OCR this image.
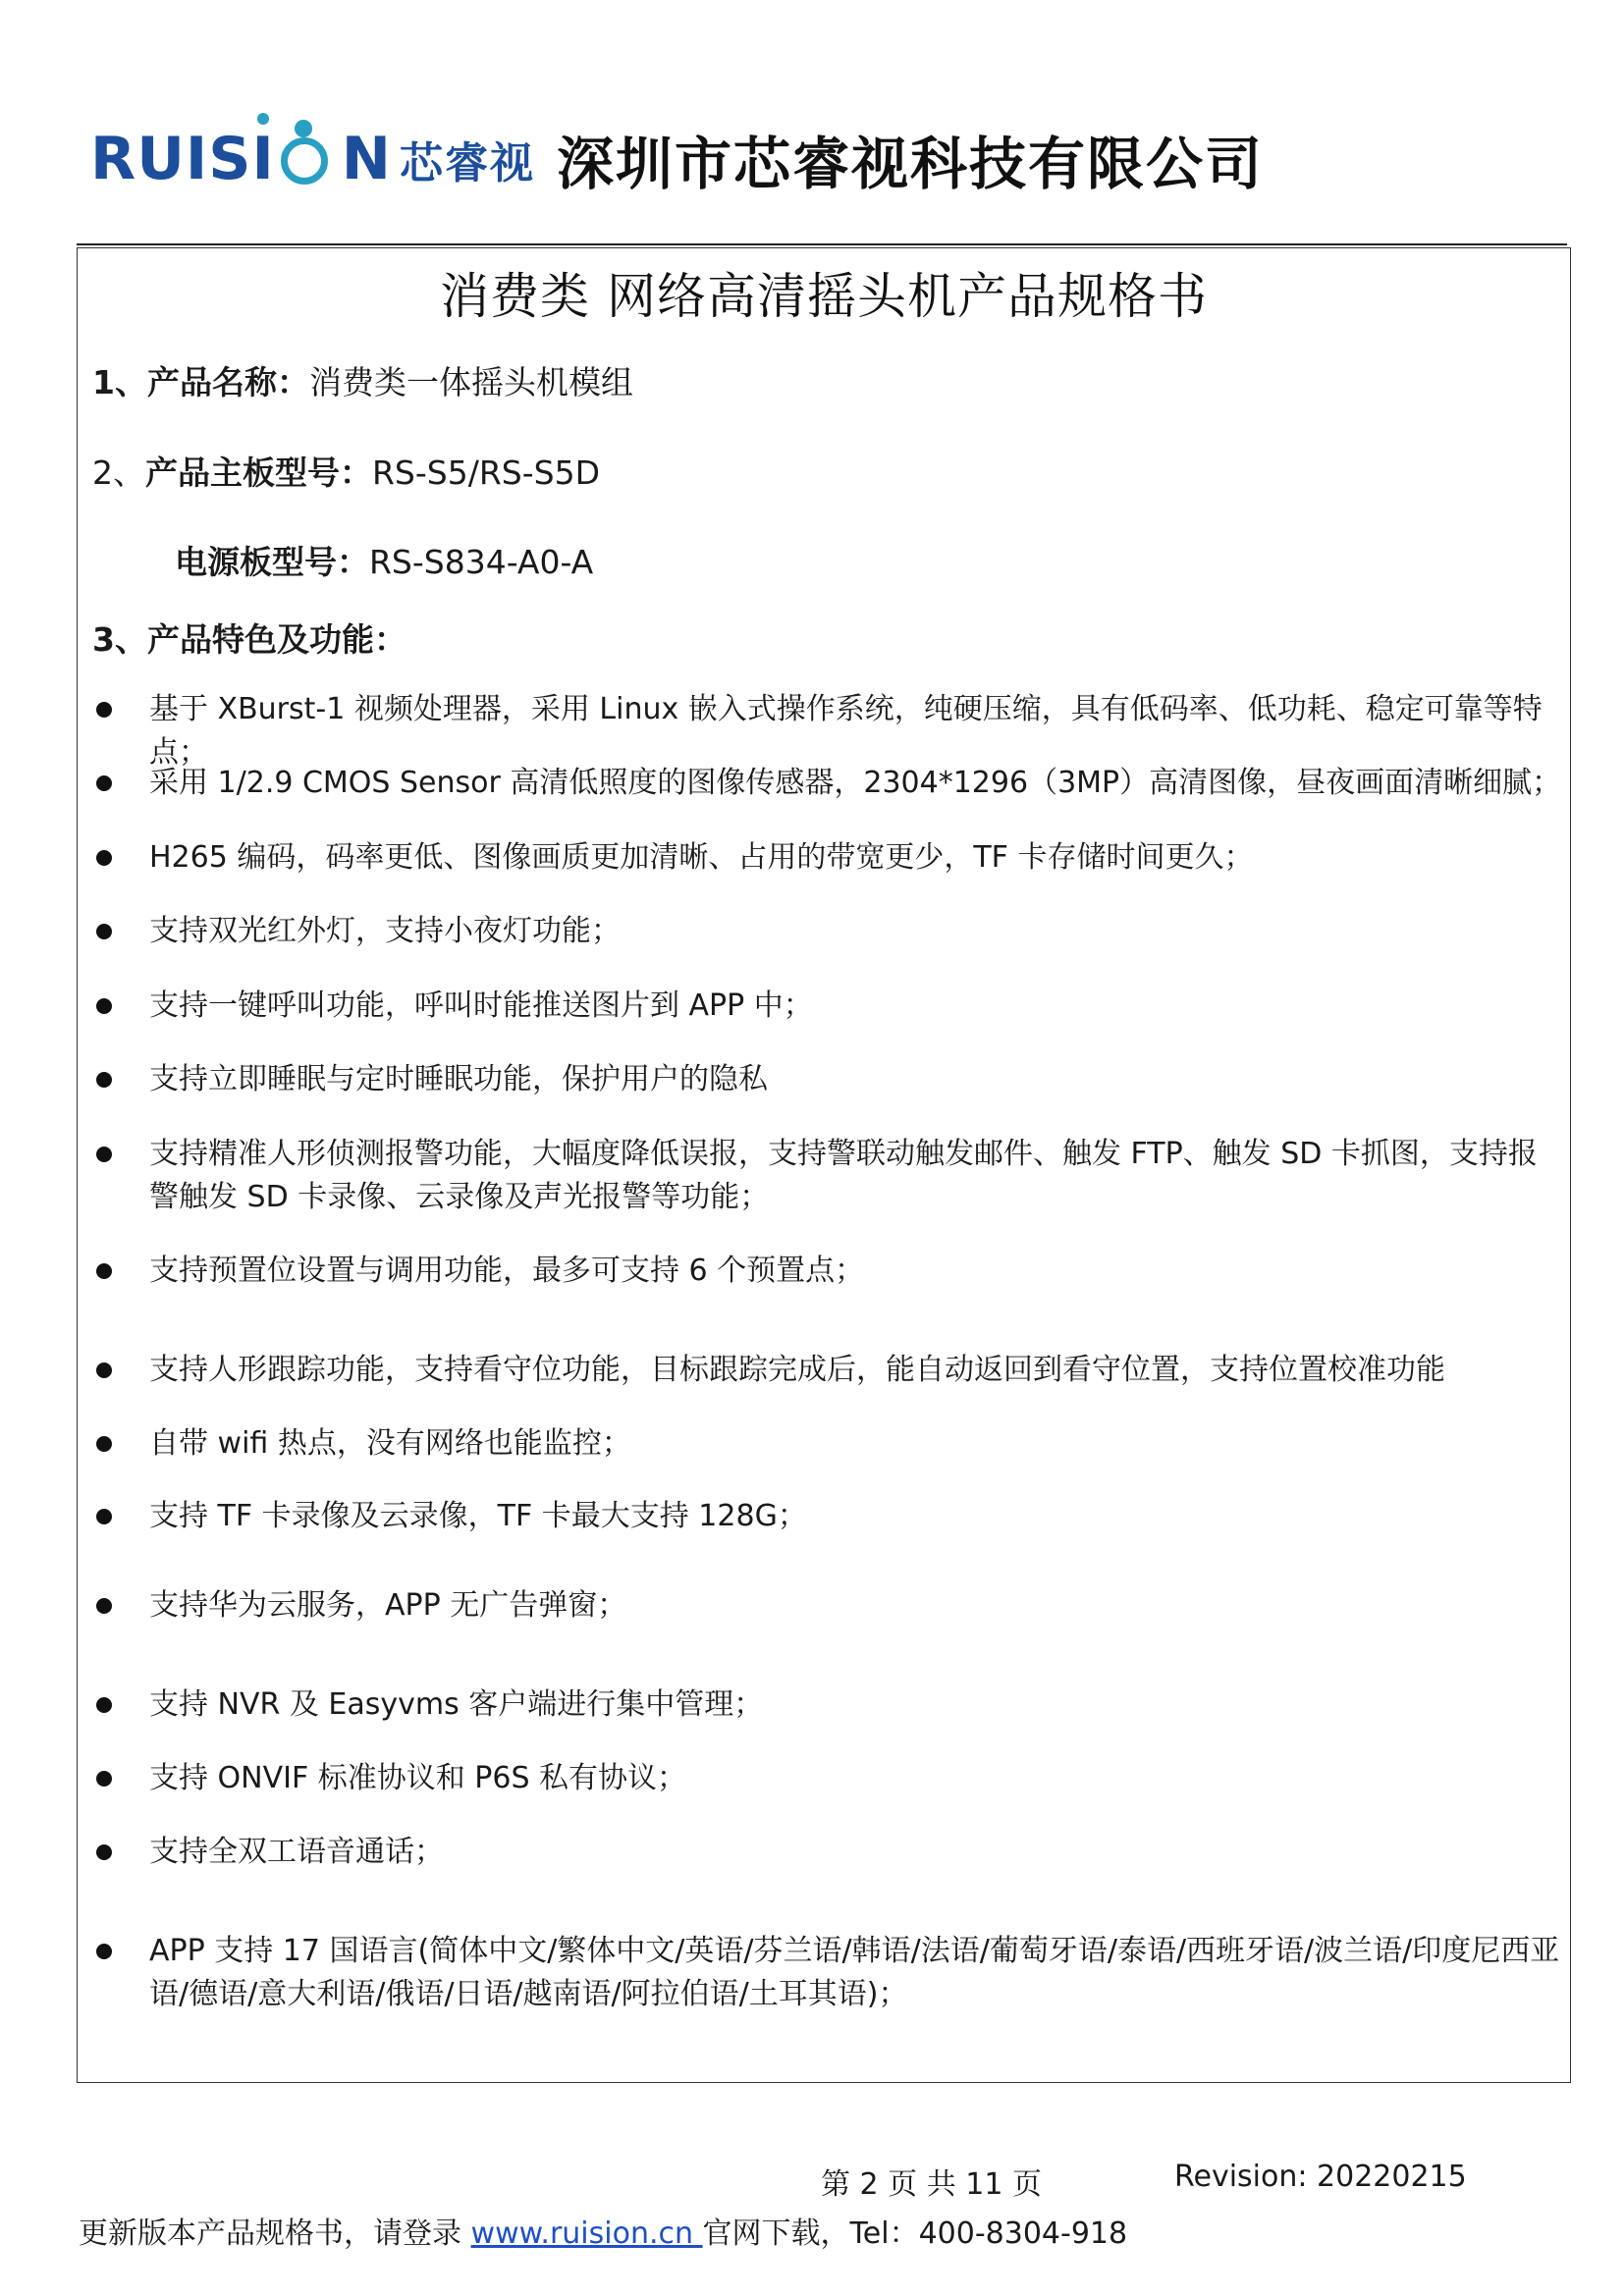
RUIS I N 芯睿视 深圳市芯睿视科技有限公司
消费类 网络高清摇头机产品规格书
1、产品名称：消费类一体摇头机模组
2、产品主板型号：RS-S5/RS-S5D
电源板型号：RS-S834-A0-A
3、产品特色及功能：
基于 XBurst-1 视频处理器，采用 Linux 嵌入式操作系统，纯硬压缩，具有低码率、低功耗、稳定可靠等特点；
采用 1/2.9 CMOS Sensor 高清低照度的图像传感器，2304*1296（3MP）高清图像，昼夜画面清晰细腻；
H265 编码，码率更低、图像画质更加清晰、占用的带宽更少，TF 卡存储时间更久；
支持双光红外灯，支持小夜灯功能；
支持一键呼叫功能，呼叫时能推送图片到 APP 中；
支持立即睡眠与定时睡眠功能，保护用户的隐私
支持精准人形侦测报警功能，大幅度降低误报，支持警联动触发邮件、触发 FTP、触发 SD 卡抓图，支持报警触发 SD 卡录像、云录像及声光报警等功能；
支持预置位设置与调用功能，最多可支持 6 个预置点；
支持人形跟踪功能，支持看守位功能，目标跟踪完成后，能自动返回到看守位置，支持位置校准功能
自带 wifi 热点，没有网络也能监控；
支持 TF 卡录像及云录像，TF 卡最大支持 128G；
支持华为云服务，APP 无广告弹窗；
支持 NVR 及 Easyvms 客户端进行集中管理；
支持 ONVIF 标准协议和 P6S 私有协议；
支持全双工语音通话；
APP 支持 17 国语言(简体中文/繁体中文/英语/芬兰语/韩语/法语/葡萄牙语/泰语/西班牙语/波兰语/印度尼西亚语/德语/意大利语/俄语/日语/越南语/阿拉伯语/土耳其语)；
第 2 页 共 11 页	Revision: 20220215
更新版本产品规格书，请登录 www.ruision.cn 官网下载，Tel：400-8304-918
